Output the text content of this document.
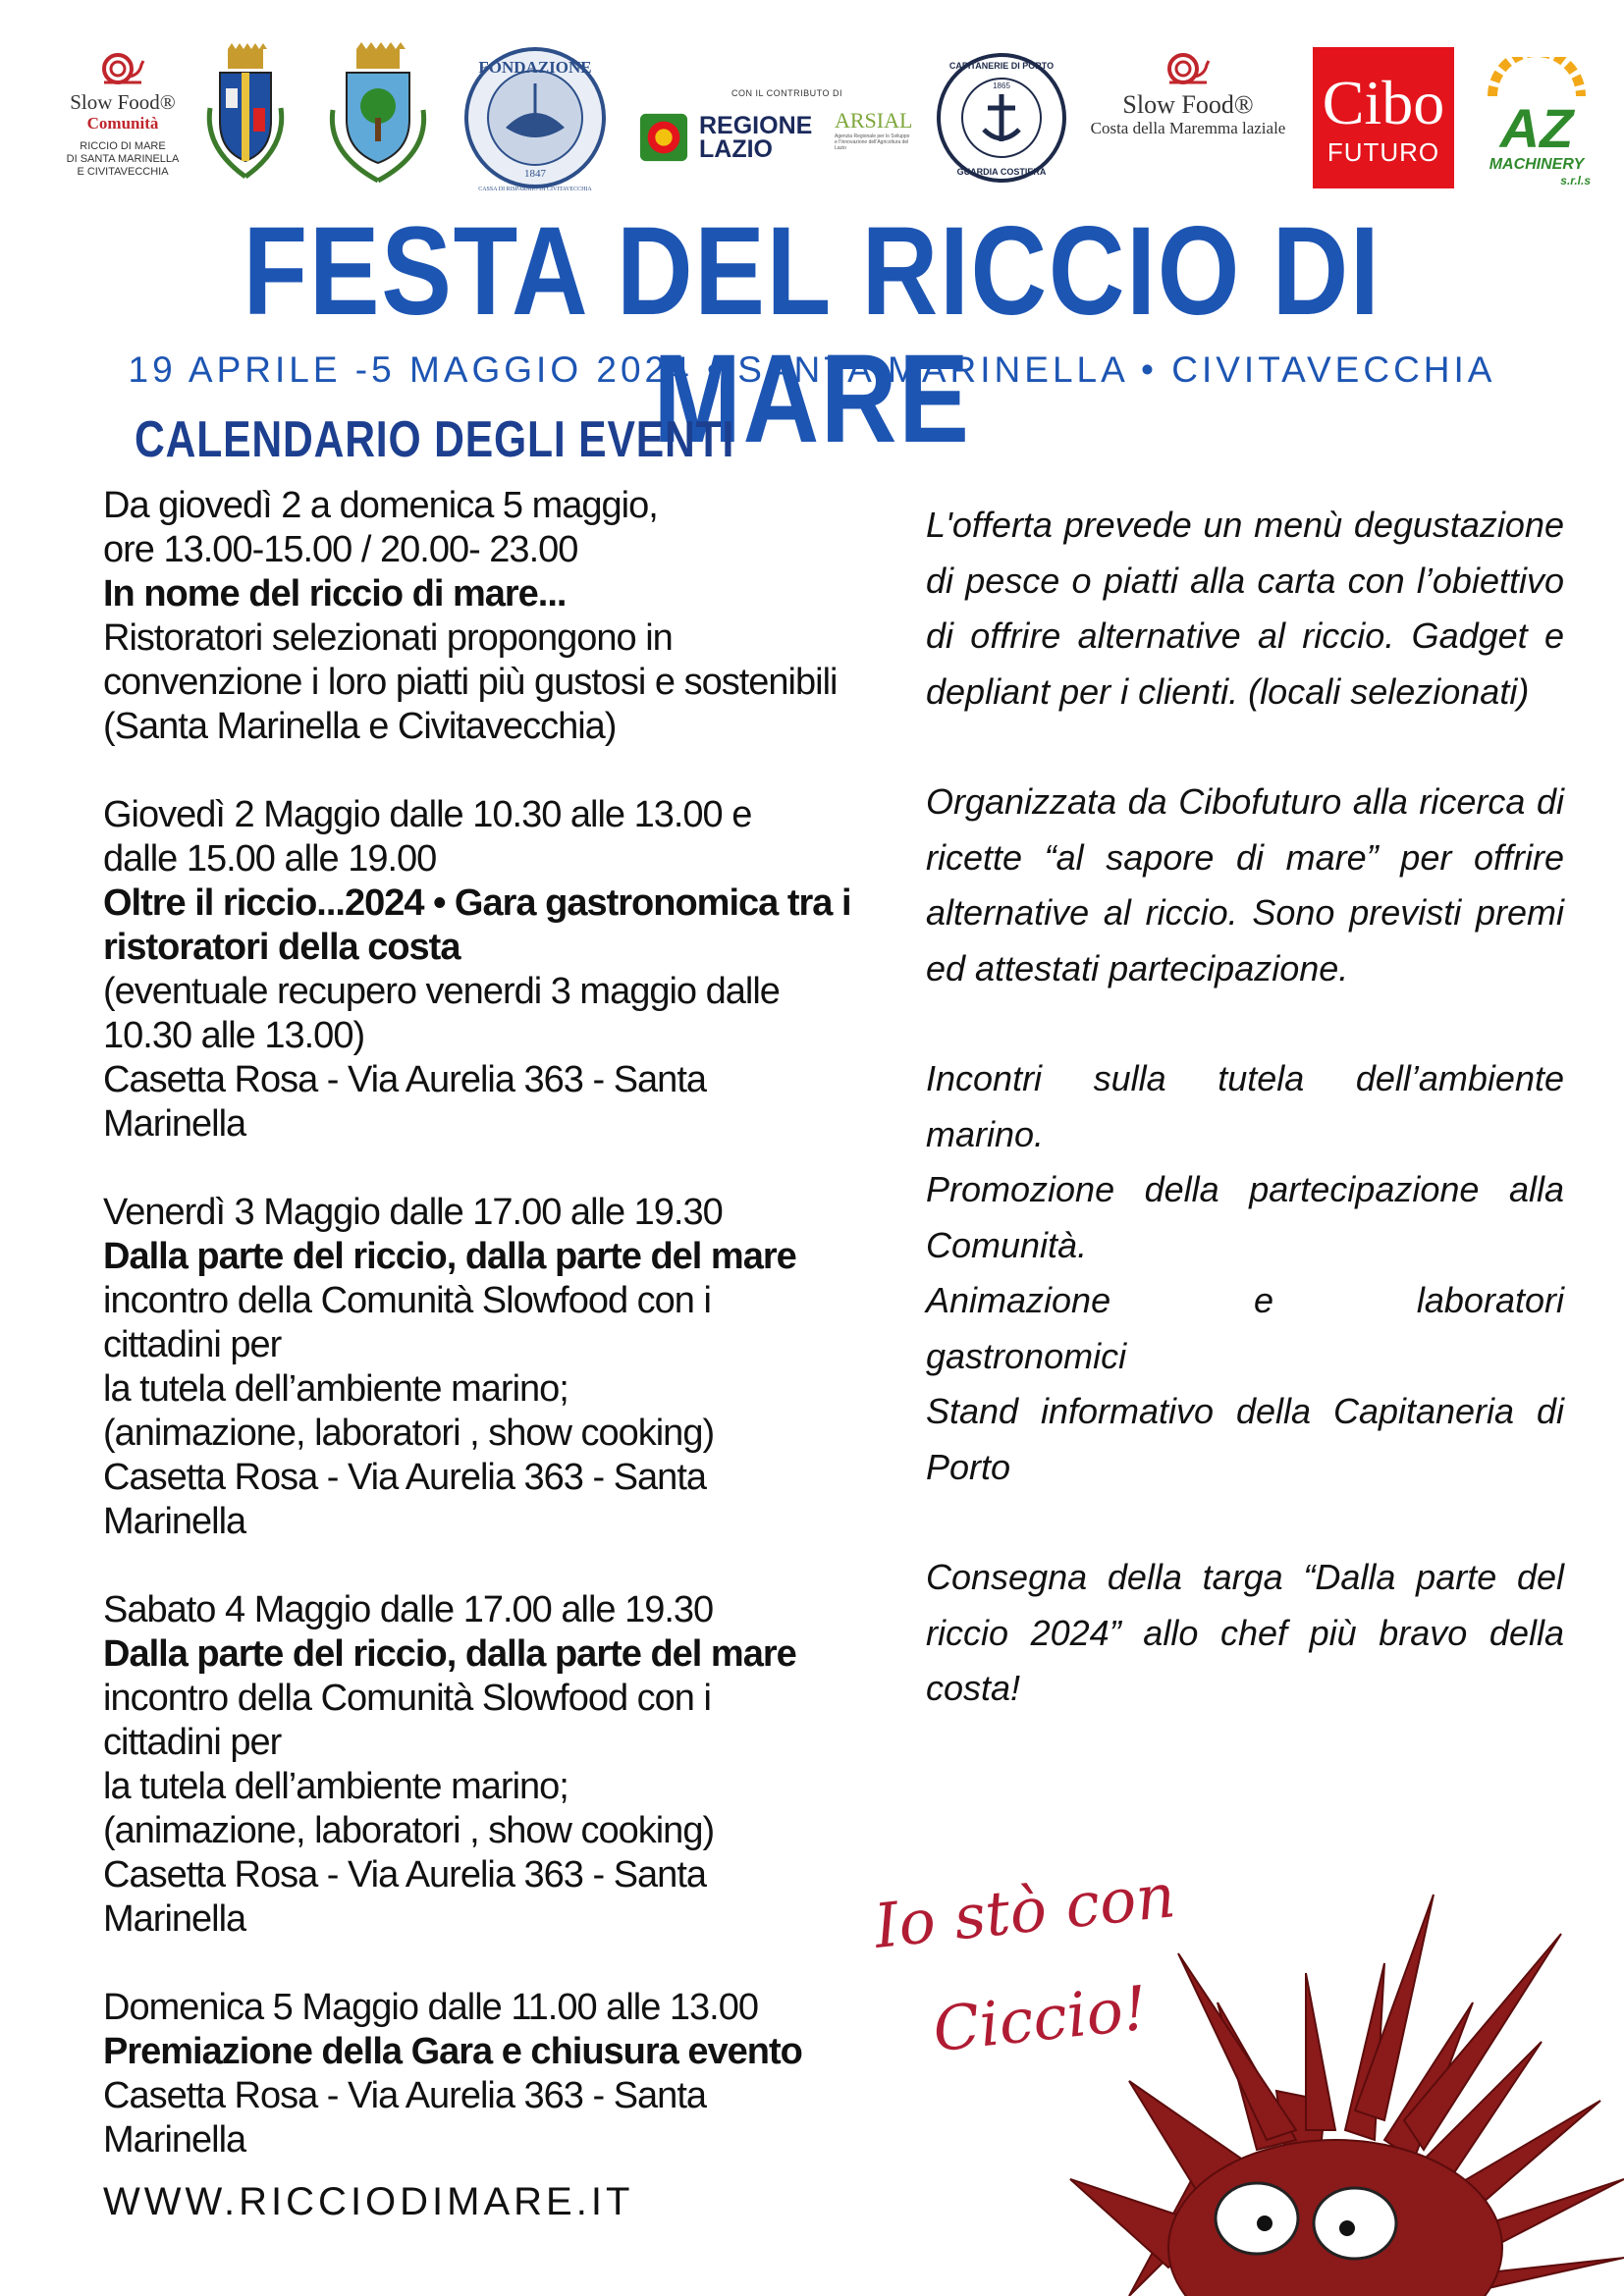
Slow Food®
Comunità
RICCIO DI MARE
DI SANTA MARINELLA
E CIVITAVECCHIA
FONDAZIONE
1847
CASSA DI RISPARMIO DI CIVITAVECCHIA
CON IL CONTRIBUTO DI
REGIONE
LAZIO
ARSIAL
Agenzia Regionale per lo Sviluppo e l'Innovazione dell'Agricoltura del Lazio
CAPITANERIE DI PORTO
1865
GUARDIA COSTIERA
Slow Food®
Costa della Maremma laziale Cibo
FUTURO	AZ
MACHINERY
s.r.l.s
FESTA DEL RICCIO DI MARE
19 APRILE -5 MAGGIO 2024 • SANTA MARINELLA • CIVITAVECCHIA
CALENDARIO DEGLI EVENTI

Da giovedì 2 a domenica 5 maggio,

ore 13.00-15.00 / 20.00- 23.00

In nome del riccio di mare...

Ristoratori selezionati propongono in

convenzione i loro piatti più gustosi e sostenibili

(Santa Marinella e Civitavecchia)

Giovedì 2 Maggio dalle 10.30 alle 13.00 e

dalle 15.00 alle 19.00

Oltre il riccio...2024 • Gara gastronomica tra i

ristoratori della costa

(eventuale recupero venerdi 3 maggio dalle

10.30 alle 13.00)

Casetta Rosa - Via Aurelia 363 - Santa

Marinella

Venerdì 3 Maggio dalle 17.00 alle 19.30

Dalla parte del riccio, dalla parte del mare

incontro della Comunità Slowfood con i

cittadini per

la tutela dell’ambiente marino;

(animazione, laboratori , show cooking)

Casetta Rosa - Via Aurelia 363 - Santa

Marinella

Sabato 4 Maggio dalle 17.00 alle 19.30

Dalla parte del riccio, dalla parte del mare

incontro della Comunità Slowfood con i

cittadini per

la tutela dell’ambiente marino;

(animazione, laboratori , show cooking)

Casetta Rosa - Via Aurelia 363 - Santa

Marinella

Domenica 5 Maggio dalle 11.00 alle 13.00

Premiazione della Gara e chiusura evento

Casetta Rosa - Via Aurelia 363 - Santa

Marinella

L'offerta prevede un menù degustazione di pesce o piatti alla carta con l’obiettivo di offrire alternative al riccio. Gadget e depliant per i clienti. (locali selezionati)

Organizzata da Cibofuturo alla ricerca di ricette “al sapore di mare” per offrire alternative al riccio. Sono previsti premi ed attestati partecipazione.

Incontri sulla tutela dell’ambiente marino.

Promozione della partecipazione alla Comunità.

Animazione	e	laboratori

gastronomici

Stand informativo della Capitaneria di Porto

Consegna della targa “Dalla parte del riccio 2024” allo chef più bravo della costa!

Io stò con
Ciccio!
WWW.RICCIODIMARE.IT
